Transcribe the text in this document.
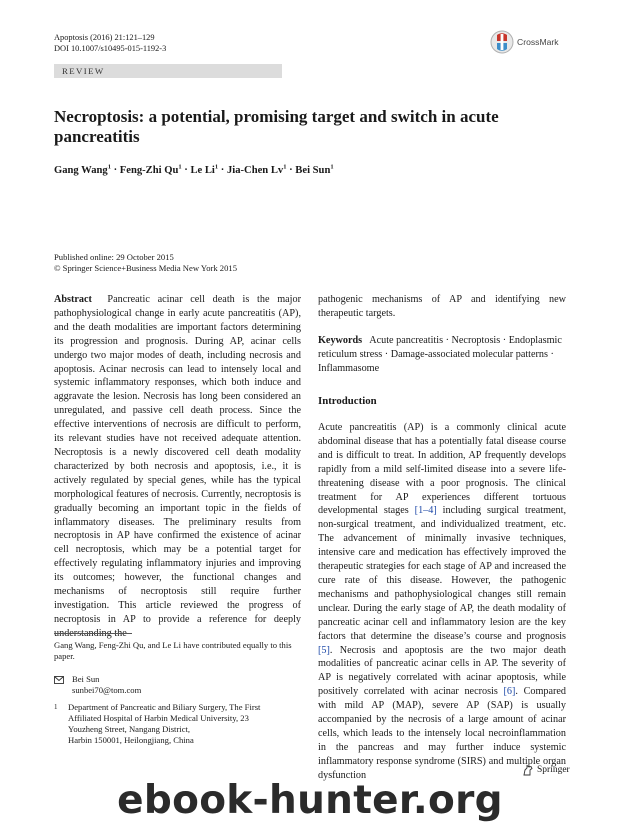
Apoptosis (2016) 21:121–129
DOI 10.1007/s10495-015-1192-3
CrossMark
REVIEW
Necroptosis: a potential, promising target and switch in acute pancreatitis
Gang Wang$^1$ · Feng-Zhi $Qu^1 \cdot Le$ $Li^1$ · Jia-Chen $Lv^1$ · Bei Sun$^1$
Published online: 29 October 2015
© Springer Science+Business Media New York 2015
Abstract Pancreatic acinar cell death is the major pathophysiological change in early acute pancreatitis (AP), and the death modalities are important factors determining its progression and prognosis. During AP, acinar cells undergo two major modes of death, including necrosis and apoptosis. Acinar necrosis can lead to intensely local and systemic inflammatory responses, which both induce and aggravate the lesion. Necrosis has long been considered an unregulated, and passive cell death process. Since the effective interventions of necrosis are difficult to perform, its relevant studies have not received adequate attention. Necroptosis is a newly discovered cell death modality characterized by both necrosis and apoptosis, i.e., it is actively regulated by special genes, while has the typical morphological features of necrosis. Currently, necroptosis is gradually becoming an important topic in the fields of inflammatory diseases. The preliminary results from necroptosis in AP have confirmed the existence of acinar cell necroptosis, which may be a potential target for effectively regulating inflammatory injuries and improving its outcomes; however, the functional changes and mechanisms of necroptosis still require further investigation. This article reviewed the progress of necroptosis in AP to provide a reference for deeply understanding the
pathogenic mechanisms of AP and identifying new therapeutic targets.
Keywords Acute pancreatitis · Necroptosis · Endoplasmic reticulum stress · Damage-associated molecular patterns · Inflammasome
Introduction
Acute pancreatitis (AP) is a commonly clinical acute abdominal disease that has a potentially fatal disease course and is difficult to treat. In addition, AP frequently develops rapidly from a mild self-limited disease into a severe life-threatening disease with a poor prognosis. The clinical treatment for AP experiences different tortuous developmental stages [1–4] including surgical treatment, non-surgical treatment, and individualized treatment, etc. The advancement of minimally invasive techniques, intensive care and medication has effectively improved the therapeutic strategies for each stage of AP and increased the cure rate of this disease. However, the pathogenic mechanisms and pathophysiological changes still remain unclear. During the early stage of AP, the death modality of pancreatic acinar cell and inflammatory lesion are the key factors that determine the disease’s course and prognosis [5]. Necrosis and apoptosis are the two major death modalities of pancreatic acinar cells in AP. The severity of AP is negatively correlated with acinar apoptosis, while positively correlated with acinar necrosis [6]. Compared with mild AP (MAP), severe AP (SAP) is usually accompanied by the necrosis of a large amount of acinar cells, which leads to the intensely local necroinflammation in the pancreas and may further induce systemic inflammatory response syndrome (SIRS) and multiple organ dysfunction
Gang Wang, Feng-Zhi Qu, and Le Li have contributed equally to this paper.
Bei Sun
sunbei70@tom.com
1 Department of Pancreatic and Biliary Surgery, The First
Affiliated Hospital of Harbin Medical University, 23
Youzheng Street, Nangang District,
Harbin 150001, Heilongjiang, China
Springer
ebook-hunter.org
